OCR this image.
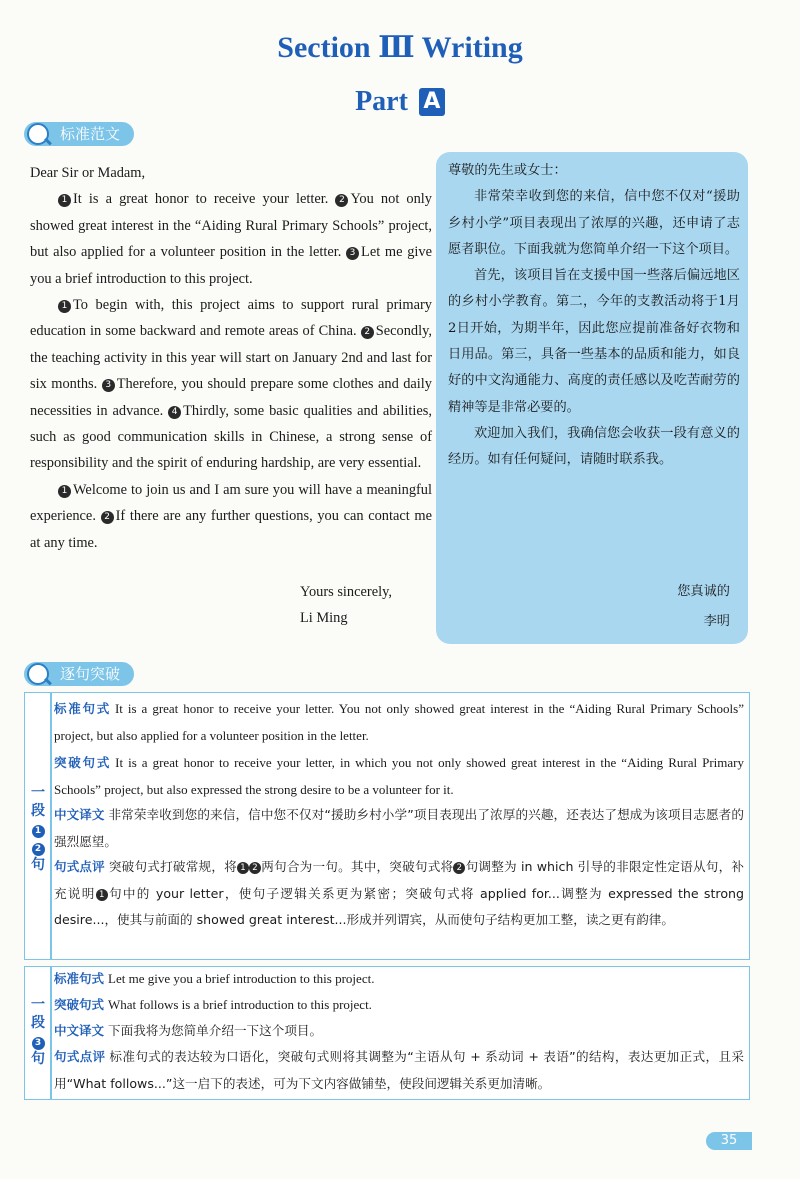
Section Ⅲ Writing
Part A
标准范文

Dear Sir or Madam,

1 It is a great honor to receive your letter. 2 You not only showed great interest in the “Aiding Rural Primary Schools” project, but also applied for a volunteer position in the letter. 3 Let me give you a brief introduction to this project.

1 To begin with, this project aims to support rural primary education in some backward and remote areas of China. 2 Secondly, the teaching activity in this year will start on January 2nd and last for six months. 3 Therefore, you should prepare some clothes and daily necessities in advance. 4 Thirdly, some basic qualities and abilities, such as good communication skills in Chinese, a strong sense of responsibility and the spirit of enduring hardship, are very essential.

1 Welcome to join us and I am sure you will have a meaningful experience. 2 If there are any further questions, you can contact me at any time.

Yours sincerely,
Li Ming

尊敬的先生或女士：

非常荣幸收到您的来信，信中您不仅对“援助乡村小学”项目表现出了浓厚的兴趣，还申请了志愿者职位。下面我就为您简单介绍一下这个项目。

首先，该项目旨在支援中国一些落后偏远地区的乡村小学教育。第二，今年的支教活动将于1月2日开始，为期半年，因此您应提前准备好衣物和日用品。第三，具备一些基本的品质和能力，如良好的中文沟通能力、高度的责任感以及吃苦耐劳的精神等是非常必要的。

欢迎加入我们，我确信您会收获一段有意义的经历。如有任何疑问，请随时联系我。

您真诚的
李明
逐句突破
一
段
1
2
句
标准句式 It is a great honor to receive your letter. You not only showed great interest in the “Aiding Rural Primary Schools” project, but also applied for a volunteer position in the letter.
突破句式 It is a great honor to receive your letter, in which you not only showed great interest in the “Aiding Rural Primary Schools” project, but also expressed the strong desire to be a volunteer for it.
中文译文 非常荣幸收到您的来信，信中您不仅对“援助乡村小学”项目表现出了浓厚的兴趣，还表达了想成为该项目志愿者的强烈愿望。
句式点评 突破句式打破常规，将 1 2 两句合为一句。其中，突破句式将 2 句调整为 in which 引导的非限定性定语从句，补充说明 1 句中的 your letter，使句子逻辑关系更为紧密；突破句式将 applied for...调整为 expressed the strong desire...，使其与前面的 showed great interest...形成并列谓宾，从而使句子结构更加工整，读之更有韵律。
一
段
3
句
标准句式 Let me give you a brief introduction to this project.
突破句式 What follows is a brief introduction to this project.
中文译文 下面我将为您简单介绍一下这个项目。
句式点评 标准句式的表达较为口语化，突破句式则将其调整为“主语从句 + 系动词 + 表语”的结构，表达更加正式，且采用“What follows...”这一启下的表述，可为下文内容做铺垫，使段间逻辑关系更加清晰。
35
